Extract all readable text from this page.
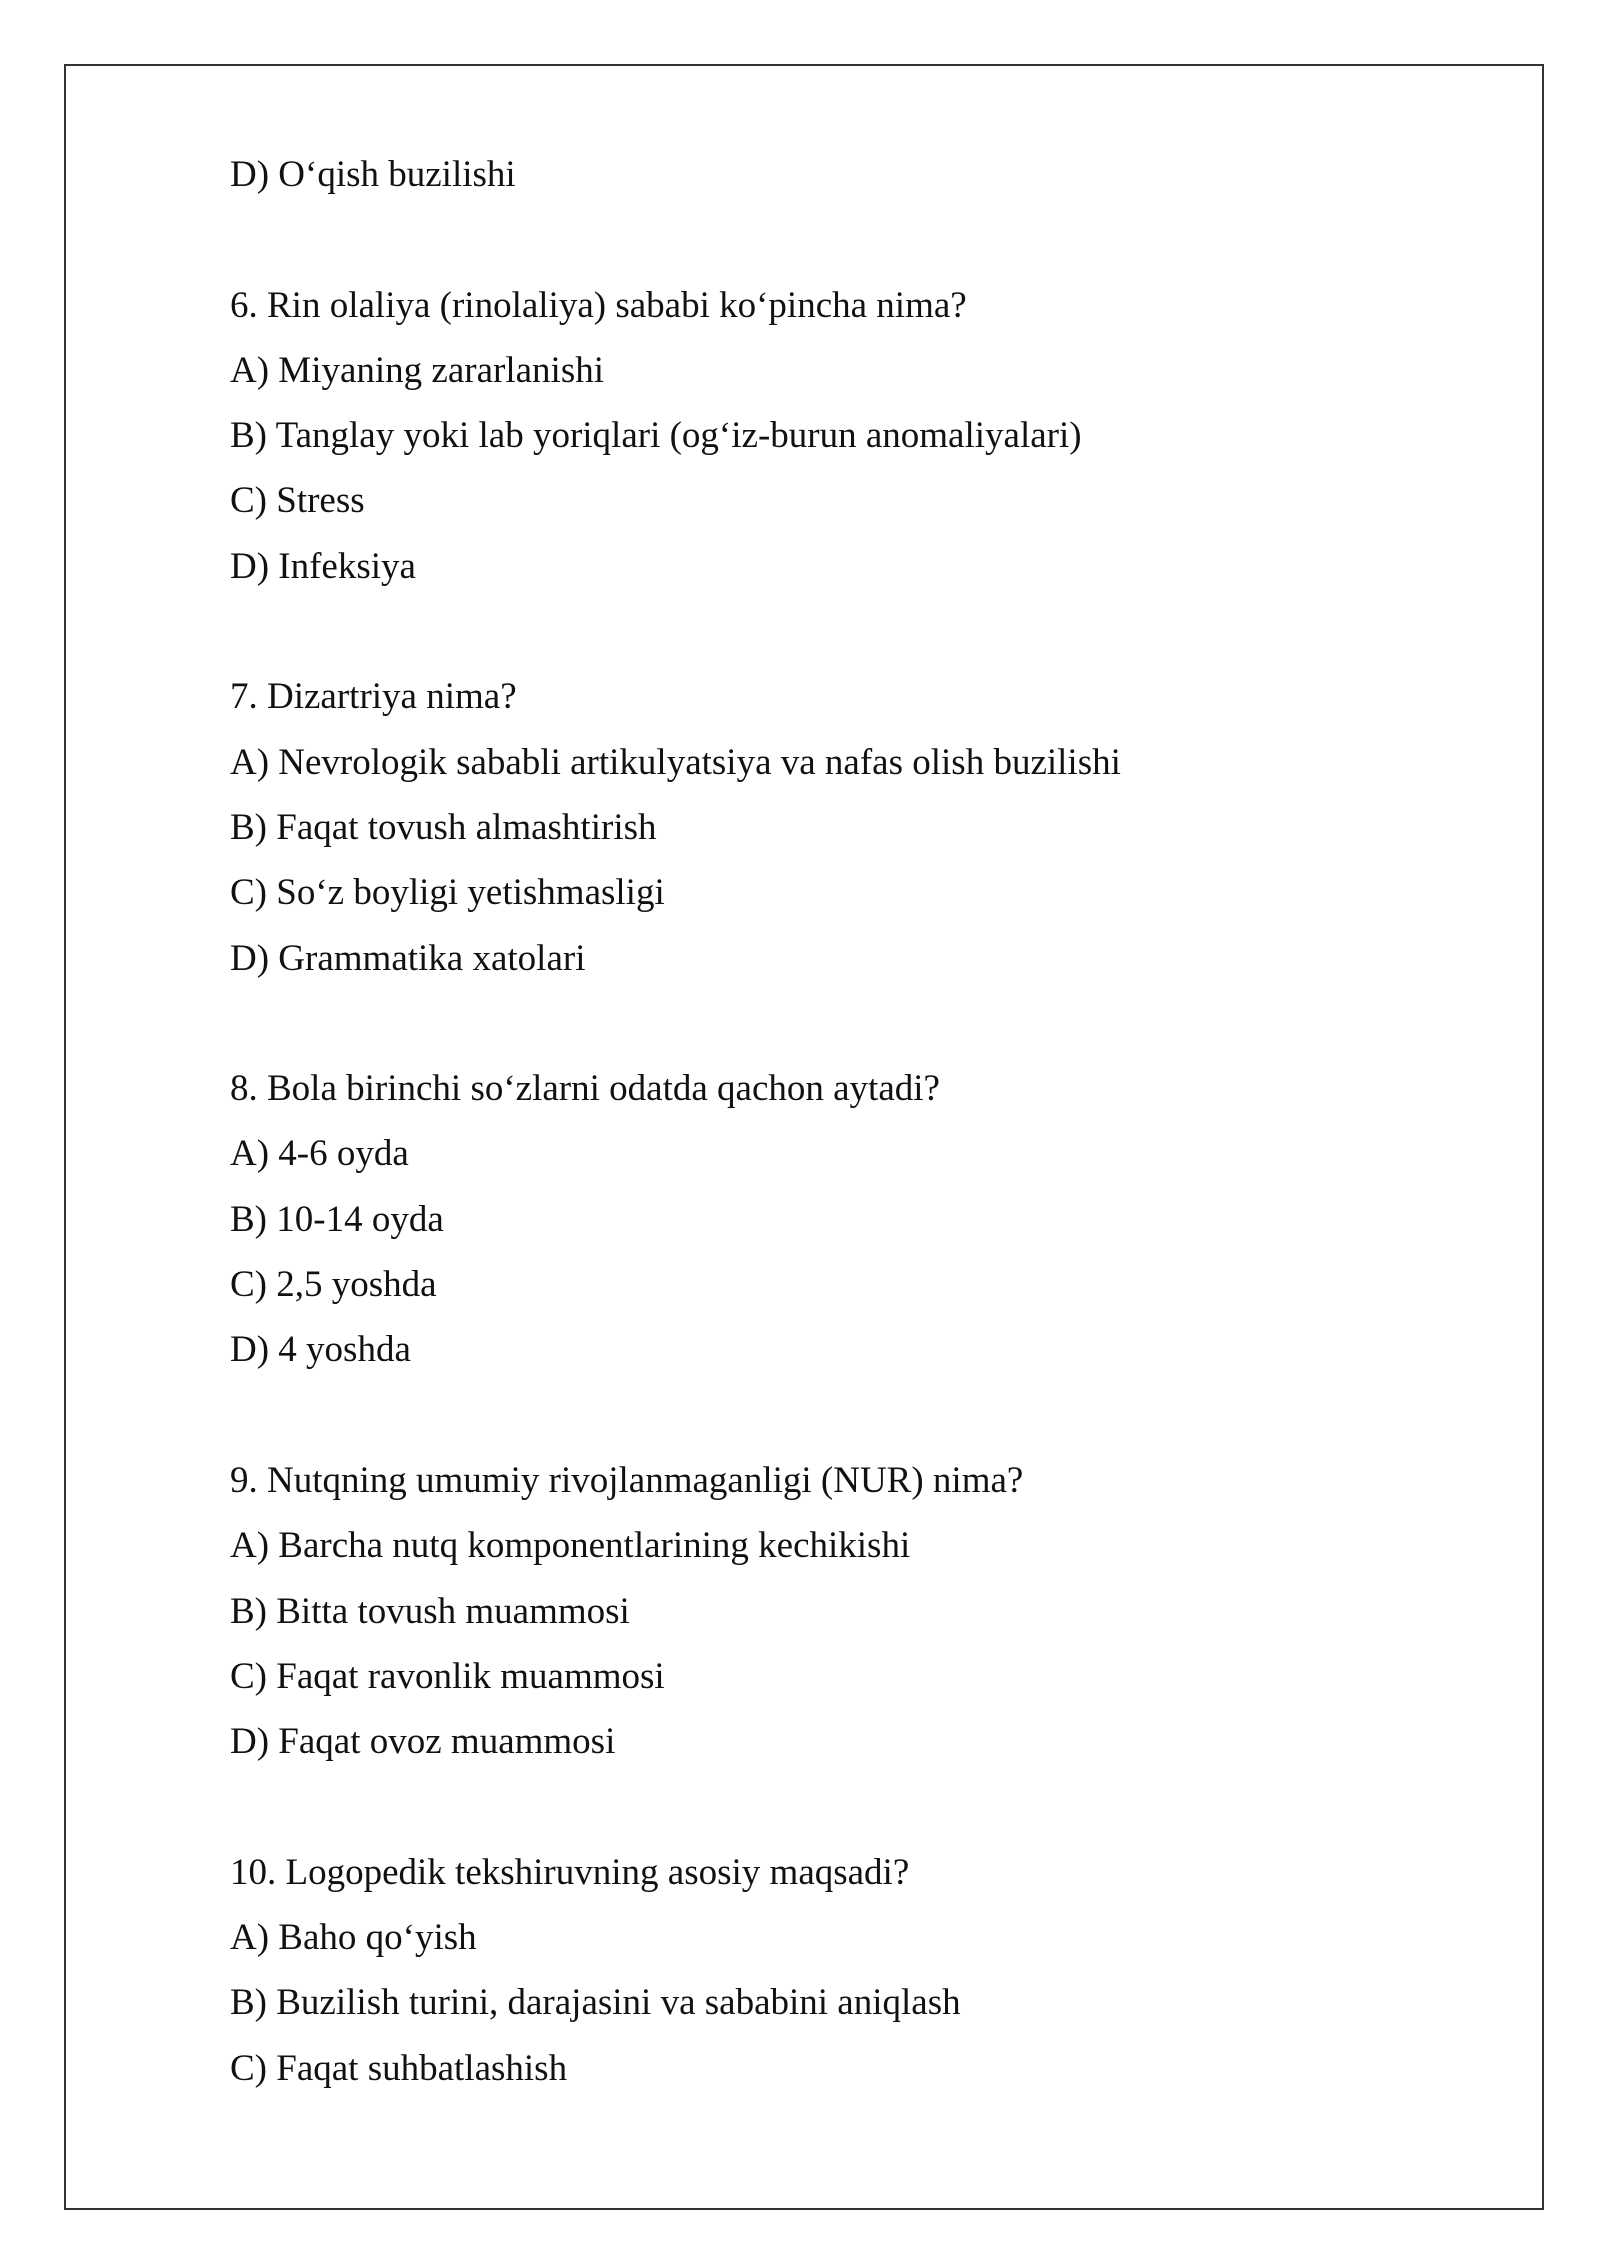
D) O‘qish buzilishi
6. Rin olaliya (rinolaliya) sababi ko‘pincha nima?
A) Miyaning zararlanishi
B) Tanglay yoki lab yoriqlari (og‘iz-burun anomaliyalari)
C) Stress
D) Infeksiya
7. Dizartriya nima?
A) Nevrologik sababli artikulyatsiya va nafas olish buzilishi
B) Faqat tovush almashtirish
C) So‘z boyligi yetishmasligi
D) Grammatika xatolari
8. Bola birinchi so‘zlarni odatda qachon aytadi?
A) 4-6 oyda
B) 10-14 oyda
C) 2,5 yoshda
D) 4 yoshda
9. Nutqning umumiy rivojlanmaganligi (NUR) nima?
A) Barcha nutq komponentlarining kechikishi
B) Bitta tovush muammosi
C) Faqat ravonlik muammosi
D) Faqat ovoz muammosi
10. Logopedik tekshiruvning asosiy maqsadi?
A) Baho qo‘yish
B) Buzilish turini, darajasini va sababini aniqlash
C) Faqat suhbatlashish
